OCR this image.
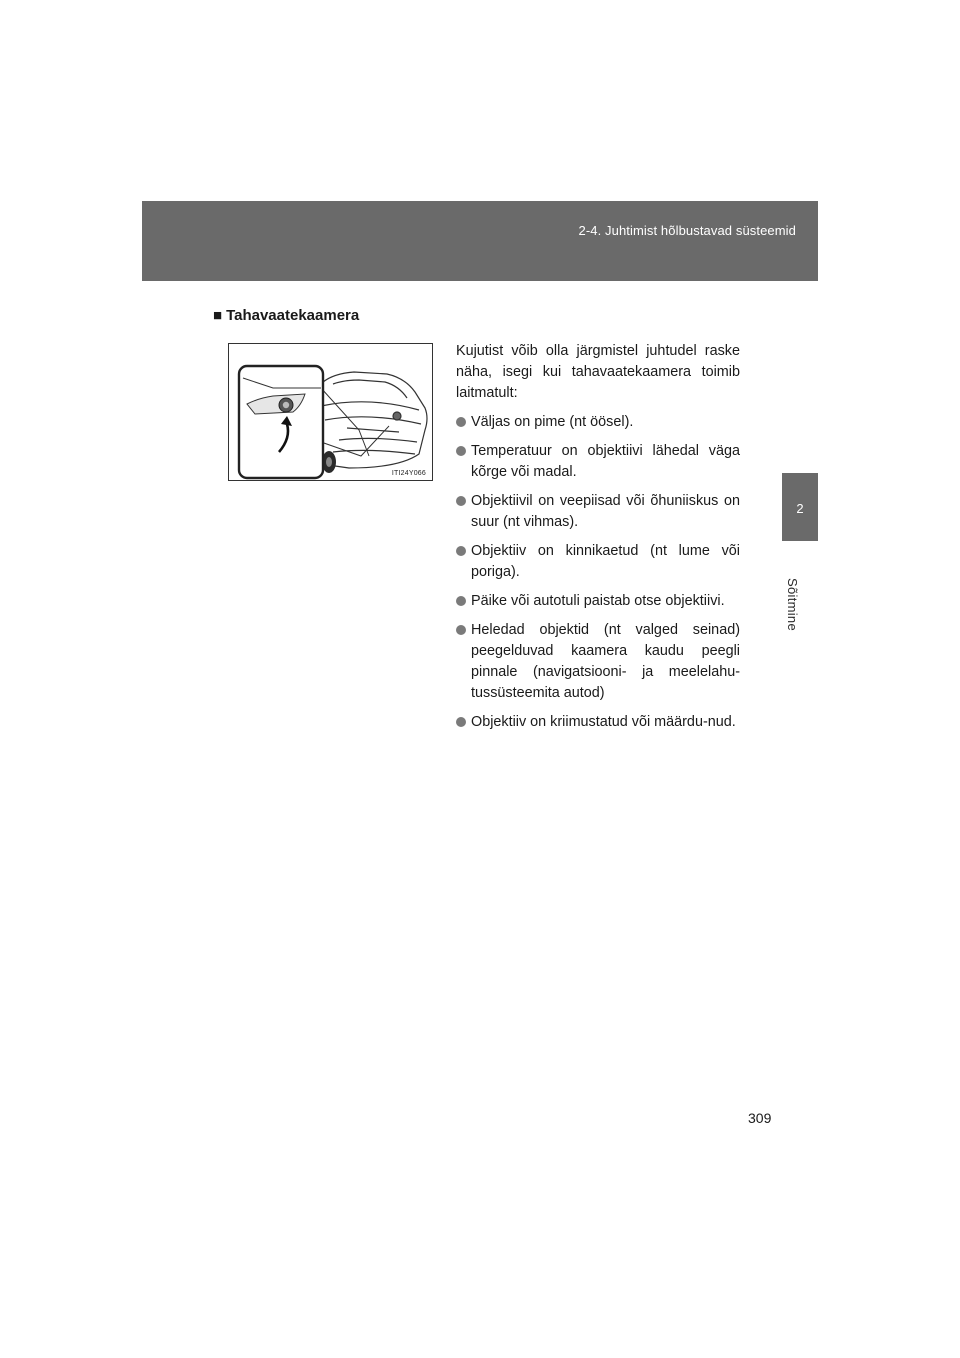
2-4. Juhtimist hõlbustavad süsteemid
2
Sõitmine
■ Tahavaatekaamera
ITI24Y066

Kujutist võib olla järgmistel juhtudel raske näha, isegi kui tahavaatekaamera toimib laitmatult:

Väljas on pime (nt öösel).
Temperatuur on objektiivi lähedal väga kõrge või madal.
Objektiivil on veepiisad või õhuniiskus on suur (nt vihmas).
Objektiiv on kinnikaetud (nt lume või poriga).
Päike või autotuli paistab otse objektiivi.
Heledad objektid (nt valged seinad) peegelduvad kaamera kaudu peegli pinnale (navigatsiooni- ja meelelahu-tussüsteemita autod)
Objektiiv on kriimustatud või määrdu-nud.
309
